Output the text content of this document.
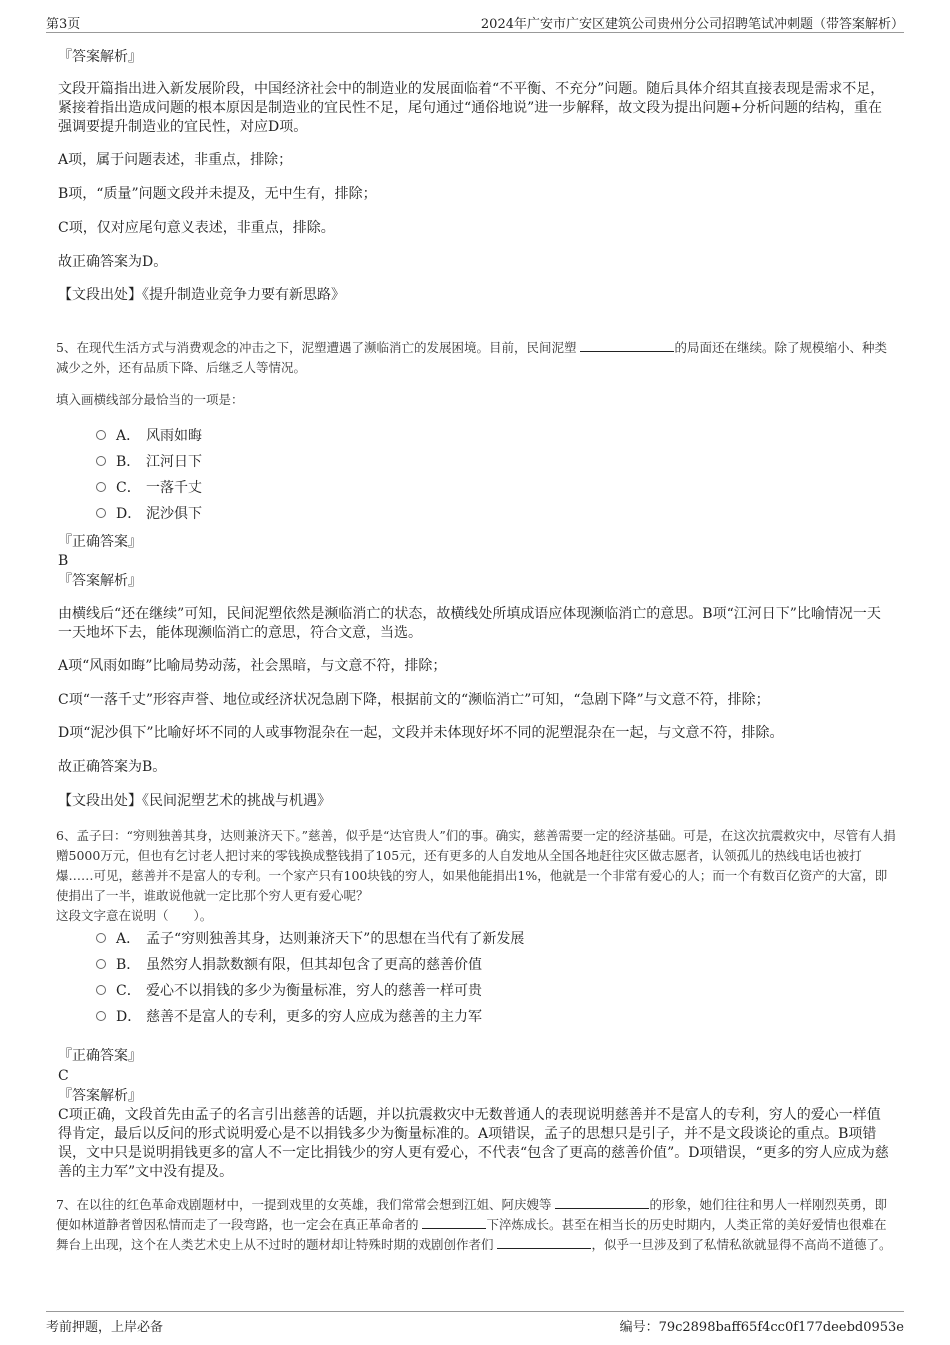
第3页	2024年广安市广安区建筑公司贵州分公司招聘笔试冲刺题（带答案解析）
『答案解析』
文段开篇指出进入新发展阶段，中国经济社会中的制造业的发展面临着“不平衡、不充分”问题。随后具体介绍其直接表现是需求不足，紧接着指出造成问题的根本原因是制造业的宜民性不足，尾句通过“通俗地说”进一步解释，故文段为提出问题+分析问题的结构，重在强调要提升制造业的宜民性，对应D项。
A项，属于问题表述，非重点，排除；
B项，“质量”问题文段并未提及，无中生有，排除；
C项，仅对应尾句意义表述，非重点，排除。
故正确答案为D。
【文段出处】《提升制造业竞争力要有新思路》
5、在现代生活方式与消费观念的冲击之下，泥塑遭遇了濒临消亡的发展困境。目前，民间泥塑	的局面还在继续。除了规模缩小、种类减少之外，还有品质下降、后继乏人等情况。
填入画横线部分最恰当的一项是：
A． 风雨如晦
B． 江河日下
C． 一落千丈
D． 泥沙俱下
『正确答案』
B
『答案解析』
由横线后“还在继续”可知，民间泥塑依然是濒临消亡的状态，故横线处所填成语应体现濒临消亡的意思。B项“江河日下”比喻情况一天一天地坏下去，能体现濒临消亡的意思，符合文意，当选。
A项“风雨如晦”比喻局势动荡，社会黑暗，与文意不符，排除；
C项“一落千丈”形容声誉、地位或经济状况急剧下降，根据前文的“濒临消亡”可知，“急剧下降”与文意不符，排除；
D项“泥沙俱下”比喻好坏不同的人或事物混杂在一起，文段并未体现好坏不同的泥塑混杂在一起，与文意不符，排除。
故正确答案为B。
【文段出处】《民间泥塑艺术的挑战与机遇》
6、孟子曰：“穷则独善其身，达则兼济天下。”慈善，似乎是“达官贵人”们的事。确实，慈善需要一定的经济基础。可是，在这次抗震救灾中，尽管有人捐赠5000万元，但也有乞讨老人把讨来的零钱换成整钱捐了105元，还有更多的人自发地从全国各地赶往灾区做志愿者，认领孤儿的热线电话也被打爆……可见，慈善并不是富人的专利。一个家产只有100块钱的穷人，如果他能捐出1%，他就是一个非常有爱心的人；而一个有数百亿资产的大富，即使捐出了一半，谁敢说他就一定比那个穷人更有爱心呢？
这段文字意在说明（　　）。
A． 孟子“穷则独善其身，达则兼济天下”的思想在当代有了新发展
B． 虽然穷人捐款数额有限，但其却包含了更高的慈善价值
C． 爱心不以捐钱的多少为衡量标准，穷人的慈善一样可贵
D． 慈善不是富人的专利，更多的穷人应成为慈善的主力军
『正确答案』
C
『答案解析』
C项正确，文段首先由孟子的名言引出慈善的话题，并以抗震救灾中无数普通人的表现说明慈善并不是富人的专利，穷人的爱心一样值得肯定，最后以反问的形式说明爱心是不以捐钱多少为衡量标准的。A项错误，孟子的思想只是引子，并不是文段谈论的重点。B项错误，文中只是说明捐钱更多的富人不一定比捐钱少的穷人更有爱心，不代表“包含了更高的慈善价值”。D项错误，“更多的穷人应成为慈善的主力军”文中没有提及。
7、在以往的红色革命戏剧题材中，一提到戏里的女英雄，我们常常会想到江姐、阿庆嫂等	的形象，她们往往和男人一样刚烈英勇，即便如林道静者曾因私情而走了一段弯路，也一定会在真正革命者的	下淬炼成长。甚至在相当长的历史时期内，人类正常的美好爱情也很难在舞台上出现，这个在人类艺术史上从不过时的题材却让特殊时期的戏剧创作者们	，似乎一旦涉及到了私情私欲就显得不高尚不道德了。
考前押题，上岸必备	编号：79c2898baff65f4cc0f177deebd0953e
